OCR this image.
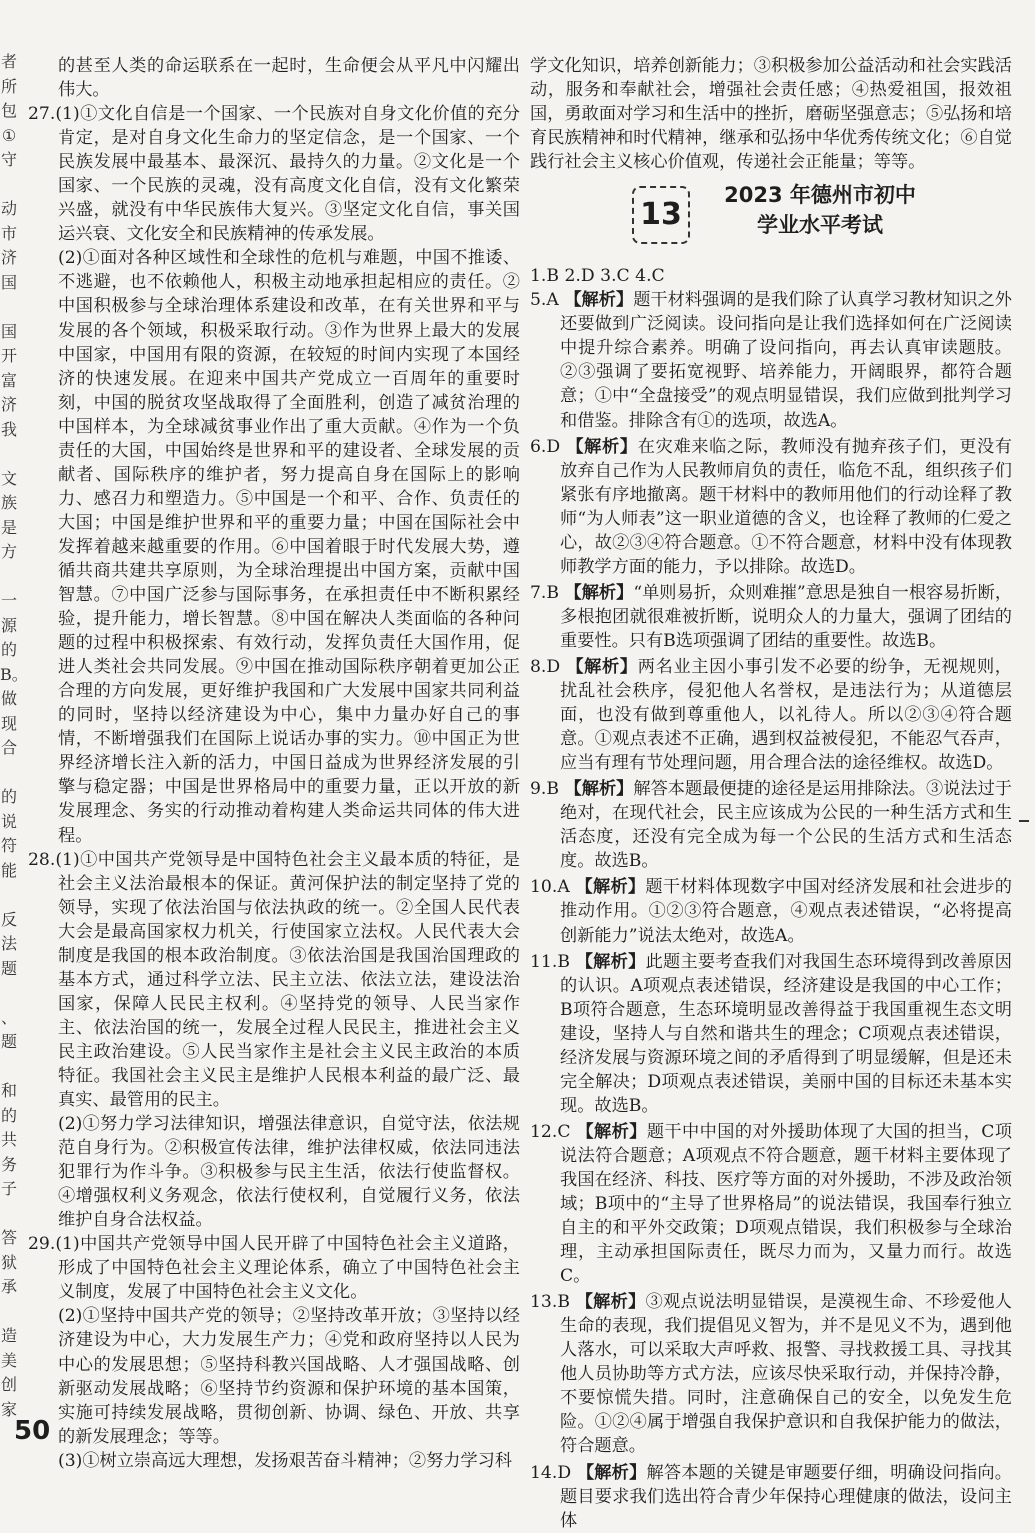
者
所
包
①
守
动
市
济
国
国
开
富
济
我
文
族
是
方
一
源
的
B。
做
现
合
的
说
符
能
反
法
题
、
题
和
的
共
务
子
答
狱
承
造
美
创
家

的甚至人类的命运联系在一起时，生命便会从平凡中闪耀出伟大。

27.(1)①文化自信是一个国家、一个民族对自身文化价值的充分肯定，是对自身文化生命力的坚定信念，是一个国家、一个民族发展中最基本、最深沉、最持久的力量。②文化是一个国家、一个民族的灵魂，没有高度文化自信，没有文化繁荣兴盛，就没有中华民族伟大复兴。③坚定文化自信，事关国运兴衰、文化安全和民族精神的传承发展。

(2)①面对各种区域性和全球性的危机与难题，中国不推诿、不逃避，也不依赖他人，积极主动地承担起相应的责任。②中国积极参与全球治理体系建设和改革，在有关世界和平与发展的各个领域，积极采取行动。③作为世界上最大的发展中国家，中国用有限的资源，在较短的时间内实现了本国经济的快速发展。在迎来中国共产党成立一百周年的重要时刻，中国的脱贫攻坚战取得了全面胜利，创造了减贫治理的中国样本，为全球减贫事业作出了重大贡献。④作为一个负责任的大国，中国始终是世界和平的建设者、全球发展的贡献者、国际秩序的维护者，努力提高自身在国际上的影响力、感召力和塑造力。⑤中国是一个和平、合作、负责任的大国；中国是维护世界和平的重要力量；中国在国际社会中发挥着越来越重要的作用。⑥中国着眼于时代发展大势，遵循共商共建共享原则，为全球治理提出中国方案，贡献中国智慧。⑦中国广泛参与国际事务，在承担责任中不断积累经验，提升能力，增长智慧。⑧中国在解决人类面临的各种问题的过程中积极探索、有效行动，发挥负责任大国作用，促进人类社会共同发展。⑨中国在推动国际秩序朝着更加公正合理的方向发展，更好维护我国和广大发展中国家共同利益的同时，坚持以经济建设为中心，集中力量办好自己的事情，不断增强我们在国际上说话办事的实力。⑩中国正为世界经济增长注入新的活力，中国日益成为世界经济发展的引擎与稳定器；中国是世界格局中的重要力量，正以开放的新发展理念、务实的行动推动着构建人类命运共同体的伟大进程。

28.(1)①中国共产党领导是中国特色社会主义最本质的特征，是社会主义法治最根本的保证。黄河保护法的制定坚持了党的领导，实现了依法治国与依法执政的统一。②全国人民代表大会是最高国家权力机关，行使国家立法权。人民代表大会制度是我国的根本政治制度。③依法治国是我国治国理政的基本方式，通过科学立法、民主立法、依法立法，建设法治国家，保障人民民主权利。④坚持党的领导、人民当家作主、依法治国的统一，发展全过程人民民主，推进社会主义民主政治建设。⑤人民当家作主是社会主义民主政治的本质特征。我国社会主义民主是维护人民根本利益的最广泛、最真实、最管用的民主。

(2)①努力学习法律知识，增强法律意识，自觉守法，依法规范自身行为。②积极宣传法律，维护法律权威，依法同违法犯罪行为作斗争。③积极参与民主生活，依法行使监督权。④增强权利义务观念，依法行使权利，自觉履行义务，依法维护自身合法权益。

29.(1)中国共产党领导中国人民开辟了中国特色社会主义道路，形成了中国特色社会主义理论体系，确立了中国特色社会主义制度，发展了中国特色社会主义文化。

(2)①坚持中国共产党的领导；②坚持改革开放；③坚持以经济建设为中心，大力发展生产力；④党和政府坚持以人民为中心的发展思想；⑤坚持科教兴国战略、人才强国战略、创新驱动发展战略；⑥坚持节约资源和保护环境的基本国策，实施可持续发展战略，贯彻创新、协调、绿色、开放、共享的新发展理念；等等。

(3)①树立崇高远大理想，发扬艰苦奋斗精神；②努力学习科

学文化知识，培养创新能力；③积极参加公益活动和社会实践活动，服务和奉献社会，增强社会责任感；④热爱祖国，报效祖国，勇敢面对学习和生活中的挫折，磨砺坚强意志；⑤弘扬和培育民族精神和时代精神，继承和弘扬中华优秀传统文化；⑥自觉践行社会主义核心价值观，传递社会正能量；等等。

13
2023 年德州市初中
学业水平考试

1.B 2.D 3.C 4.C

5.A 【解析】题干材料强调的是我们除了认真学习教材知识之外还要做到广泛阅读。设问指向是让我们选择如何在广泛阅读中提升综合素养。明确了设问指向，再去认真审读题肢。②③强调了要拓宽视野、培养能力，开阔眼界，都符合题意；①中“全盘接受”的观点明显错误，我们应做到批判学习和借鉴。排除含有①的选项，故选A。

6.D 【解析】在灾难来临之际，教师没有抛弃孩子们，更没有放弃自己作为人民教师肩负的责任，临危不乱，组织孩子们紧张有序地撤离。题干材料中的教师用他们的行动诠释了教师“为人师表”这一职业道德的含义，也诠释了教师的仁爱之心，故②③④符合题意。①不符合题意，材料中没有体现教师教学方面的能力，予以排除。故选D。

7.B 【解析】“单则易折，众则难摧”意思是独自一根容易折断，多根抱团就很难被折断，说明众人的力量大，强调了团结的重要性。只有B选项强调了团结的重要性。故选B。

8.D 【解析】两名业主因小事引发不必要的纷争，无视规则，扰乱社会秩序，侵犯他人名誉权，是违法行为；从道德层面，也没有做到尊重他人，以礼待人。所以②③④符合题意。①观点表述不正确，遇到权益被侵犯，不能忍气吞声，应当有理有节处理问题，用合理合法的途径维权。故选D。

9.B 【解析】解答本题最便捷的途径是运用排除法。③说法过于绝对，在现代社会，民主应该成为公民的一种生活方式和生活态度，还没有完全成为每一个公民的生活方式和生活态度。故选B。

10.A 【解析】题干材料体现数字中国对经济发展和社会进步的推动作用。①②③符合题意，④观点表述错误，“必将提高创新能力”说法太绝对，故选A。

11.B 【解析】此题主要考查我们对我国生态环境得到改善原因的认识。A项观点表述错误，经济建设是我国的中心工作；B项符合题意，生态环境明显改善得益于我国重视生态文明建设，坚持人与自然和谐共生的理念；C项观点表述错误，经济发展与资源环境之间的矛盾得到了明显缓解，但是还未完全解决；D项观点表述错误，美丽中国的目标还未基本实现。故选B。

12.C 【解析】题干中中国的对外援助体现了大国的担当，C项说法符合题意；A项观点不符合题意，题干材料主要体现了我国在经济、科技、医疗等方面的对外援助，不涉及政治领域；B项中的“主导了世界格局”的说法错误，我国奉行独立自主的和平外交政策；D项观点错误，我们积极参与全球治理，主动承担国际责任，既尽力而为，又量力而行。故选C。

13.B 【解析】③观点说法明显错误，是漠视生命、不珍爱他人生命的表现，我们提倡见义智为，并不是见义不为，遇到他人落水，可以采取大声呼救、报警、寻找救援工具、寻找其他人员协助等方式方法，应该尽快采取行动，并保持冷静，不要惊慌失措。同时，注意确保自己的安全，以免发生危险。①②④属于增强自我保护意识和自我保护能力的做法，符合题意。

14.D 【解析】解答本题的关键是审题要仔细，明确设问指向。题目要求我们选出符合青少年保持心理健康的做法，设问主体

50
